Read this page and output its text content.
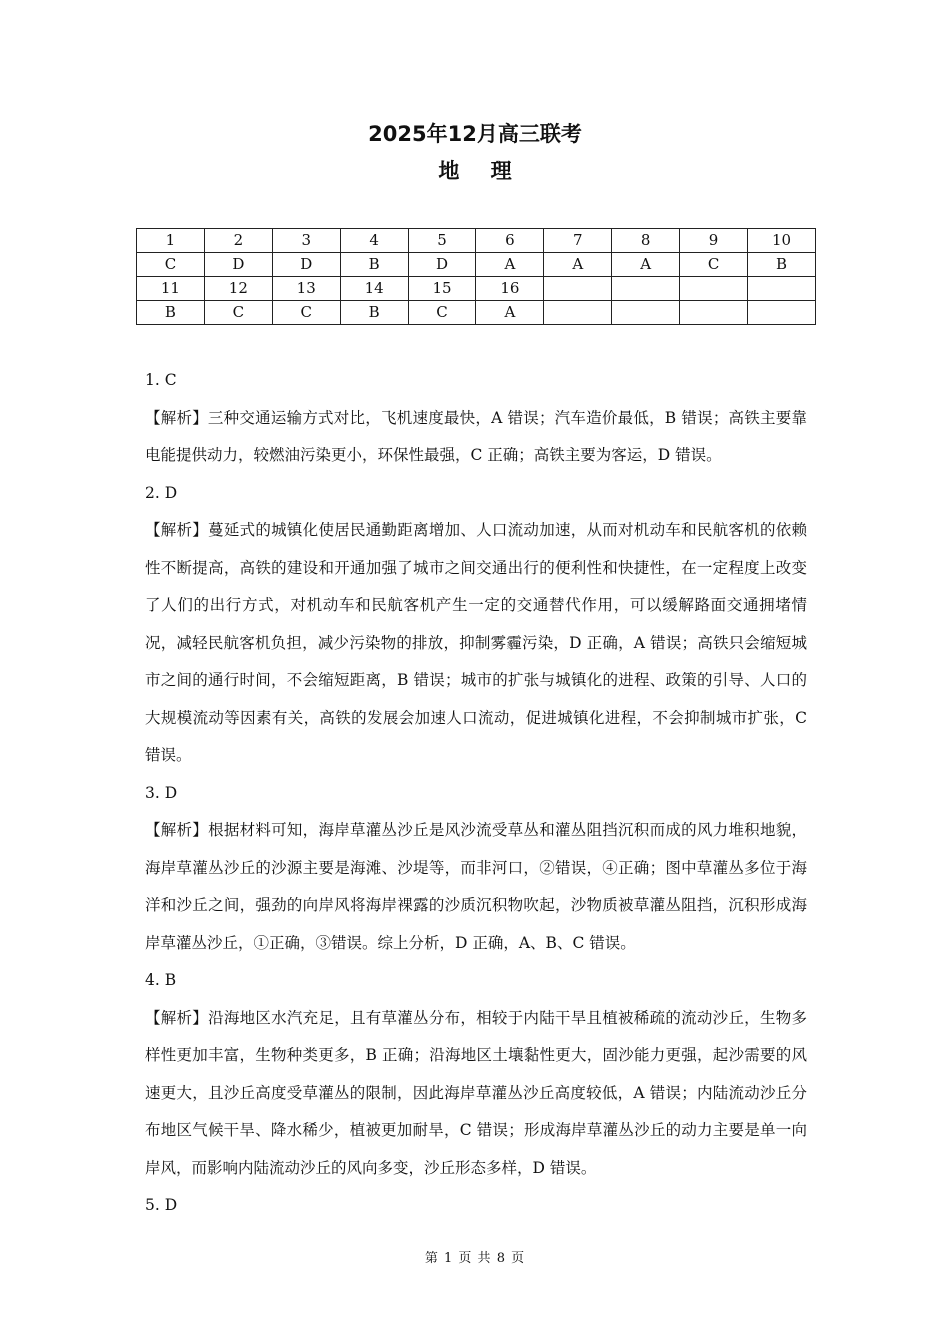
2025年12月高三联考
地 理
1	2	3	4	5	6	7	8	9	10
C	D	D	B	D	A	A	A	C	B
11	12	13	14	15	16				
B	C	C	B	C	A				

1. C

【解析】三种交通运输方式对比，飞机速度最快，A 错误；汽车造价最低，B 错误；高铁主要靠电能提供动力，较燃油污染更小，环保性最强，C 正确；高铁主要为客运，D 错误。

2. D

【解析】蔓延式的城镇化使居民通勤距离增加、人口流动加速，从而对机动车和民航客机的依赖性不断提高，高铁的建设和开通加强了城市之间交通出行的便利性和快捷性，在一定程度上改变了人们的出行方式，对机动车和民航客机产生一定的交通替代作用，可以缓解路面交通拥堵情况，减轻民航客机负担，减少污染物的排放，抑制雾霾污染，D 正确，A 错误；高铁只会缩短城市之间的通行时间，不会缩短距离，B 错误；城市的扩张与城镇化的进程、政策的引导、人口的大规模流动等因素有关，高铁的发展会加速人口流动，促进城镇化进程，不会抑制城市扩张，C 错误。

3. D

【解析】根据材料可知，海岸草灌丛沙丘是风沙流受草丛和灌丛阻挡沉积而成的风力堆积地貌，海岸草灌丛沙丘的沙源主要是海滩、沙堤等，而非河口，②错误，④正确；图中草灌丛多位于海洋和沙丘之间，强劲的向岸风将海岸裸露的沙质沉积物吹起，沙物质被草灌丛阻挡，沉积形成海岸草灌丛沙丘，①正确，③错误。综上分析，D 正确，A、B、C 错误。

4. B

【解析】沿海地区水汽充足，且有草灌丛分布，相较于内陆干旱且植被稀疏的流动沙丘，生物多样性更加丰富，生物种类更多，B 正确；沿海地区土壤黏性更大，固沙能力更强，起沙需要的风速更大，且沙丘高度受草灌丛的限制，因此海岸草灌丛沙丘高度较低，A 错误；内陆流动沙丘分布地区气候干旱、降水稀少，植被更加耐旱，C 错误；形成海岸草灌丛沙丘的动力主要是单一向岸风，而影响内陆流动沙丘的风向多变，沙丘形态多样，D 错误。

5. D

第 1 页 共 8 页
